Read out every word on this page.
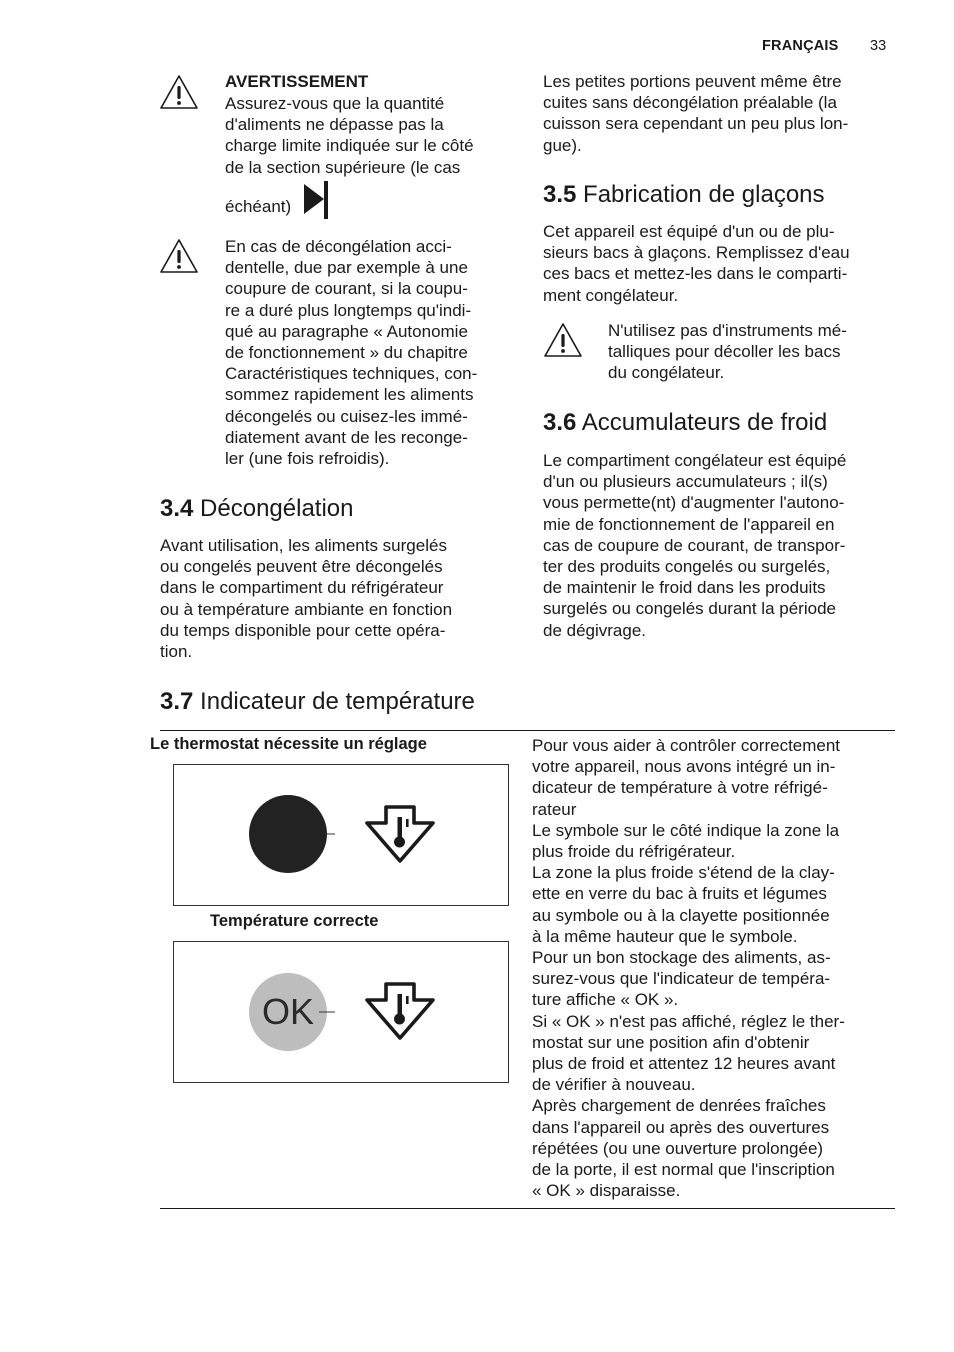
FRANÇAIS 33
AVERTISSEMENT
Assurez-vous que la quantité
d'aliments ne dépasse pas la
charge limite indiquée sur le côté
de la section supérieure (le cas
échéant)
En cas de décongélation acci-
dentelle, due par exemple à une
coupure de courant, si la coupu-
re a duré plus longtemps qu'indi-
qué au paragraphe « Autonomie
de fonctionnement » du chapitre
Caractéristiques techniques, con-
sommez rapidement les aliments
décongelés ou cuisez-les immé-
diatement avant de les reconge-
ler (une fois refroidis).
3.4 Décongélation
Avant utilisation, les aliments surgelés
ou congelés peuvent être décongelés
dans le compartiment du réfrigérateur
ou à température ambiante en fonction
du temps disponible pour cette opéra-
tion.
Les petites portions peuvent même être
cuites sans décongélation préalable (la
cuisson sera cependant un peu plus lon-
gue).
3.5 Fabrication de glaçons
Cet appareil est équipé d'un ou de plu-
sieurs bacs à glaçons. Remplissez d'eau
ces bacs et mettez-les dans le comparti-
ment congélateur.
N'utilisez pas d'instruments mé-
talliques pour décoller les bacs
du congélateur.
3.6 Accumulateurs de froid
Le compartiment congélateur est équipé
d'un ou plusieurs accumulateurs ; il(s)
vous permette(nt) d'augmenter l'autono-
mie de fonctionnement de l'appareil en
cas de coupure de courant, de transpor-
ter des produits congelés ou surgelés,
de maintenir le froid dans les produits
surgelés ou congelés durant la période
de dégivrage.
3.7 Indicateur de température
Le thermostat nécessite un réglage
Température correcte
OK
Pour vous aider à contrôler correctement
votre appareil, nous avons intégré un in-
dicateur de température à votre réfrigé-
rateur
Le symbole sur le côté indique la zone la
plus froide du réfrigérateur.
La zone la plus froide s'étend de la clay-
ette en verre du bac à fruits et légumes
au symbole ou à la clayette positionnée
à la même hauteur que le symbole.
Pour un bon stockage des aliments, as-
surez-vous que l'indicateur de tempéra-
ture affiche « OK ».
Si « OK » n'est pas affiché, réglez le ther-
mostat sur une position afin d'obtenir
plus de froid et attentez 12 heures avant
de vérifier à nouveau.
Après chargement de denrées fraîches
dans l'appareil ou après des ouvertures
répétées (ou une ouverture prolongée)
de la porte, il est normal que l'inscription
« OK » disparaisse.
